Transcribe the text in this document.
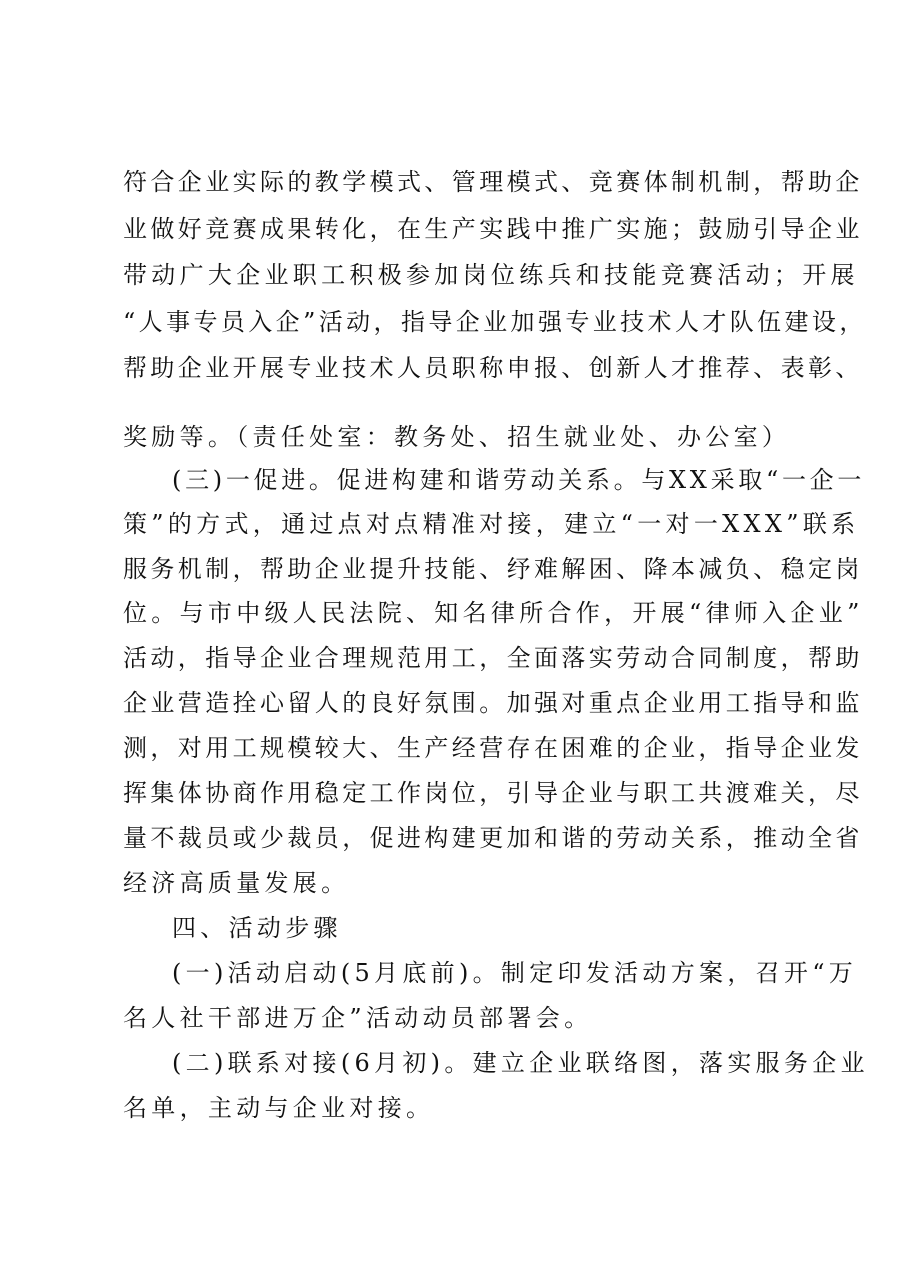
符合企业实际的教学模式、管理模式、竞赛体制机制，帮助企
业做好竞赛成果转化，在生产实践中推广实施；鼓励引导企业
带动广大企业职工积极参加岗位练兵和技能竞赛活动；开展
“人事专员入企”活动，指导企业加强专业技术人才队伍建设，
帮助企业开展专业技术人员职称申报、创新人才推荐、表彰、
奖励等。（责任处室：教务处、招生就业处、办公室）
(三)一促进。促进构建和谐劳动关系。与XX采取“一企一
策”的方式，通过点对点精准对接，建立“一对一XXX”联系
服务机制，帮助企业提升技能、纾难解困、降本减负、稳定岗
位。与市中级人民法院、知名律所合作，开展“律师入企业”
活动，指导企业合理规范用工，全面落实劳动合同制度，帮助
企业营造拴心留人的良好氛围。加强对重点企业用工指导和监
测，对用工规模较大、生产经营存在困难的企业，指导企业发
挥集体协商作用稳定工作岗位，引导企业与职工共渡难关，尽
量不裁员或少裁员，促进构建更加和谐的劳动关系，推动全省
经济高质量发展。
四、活动步骤
(一)活动启动(5月底前)。制定印发活动方案，召开“万
名人社干部进万企”活动动员部署会。
(二)联系对接(6月初)。建立企业联络图，落实服务企业
名单，主动与企业对接。
